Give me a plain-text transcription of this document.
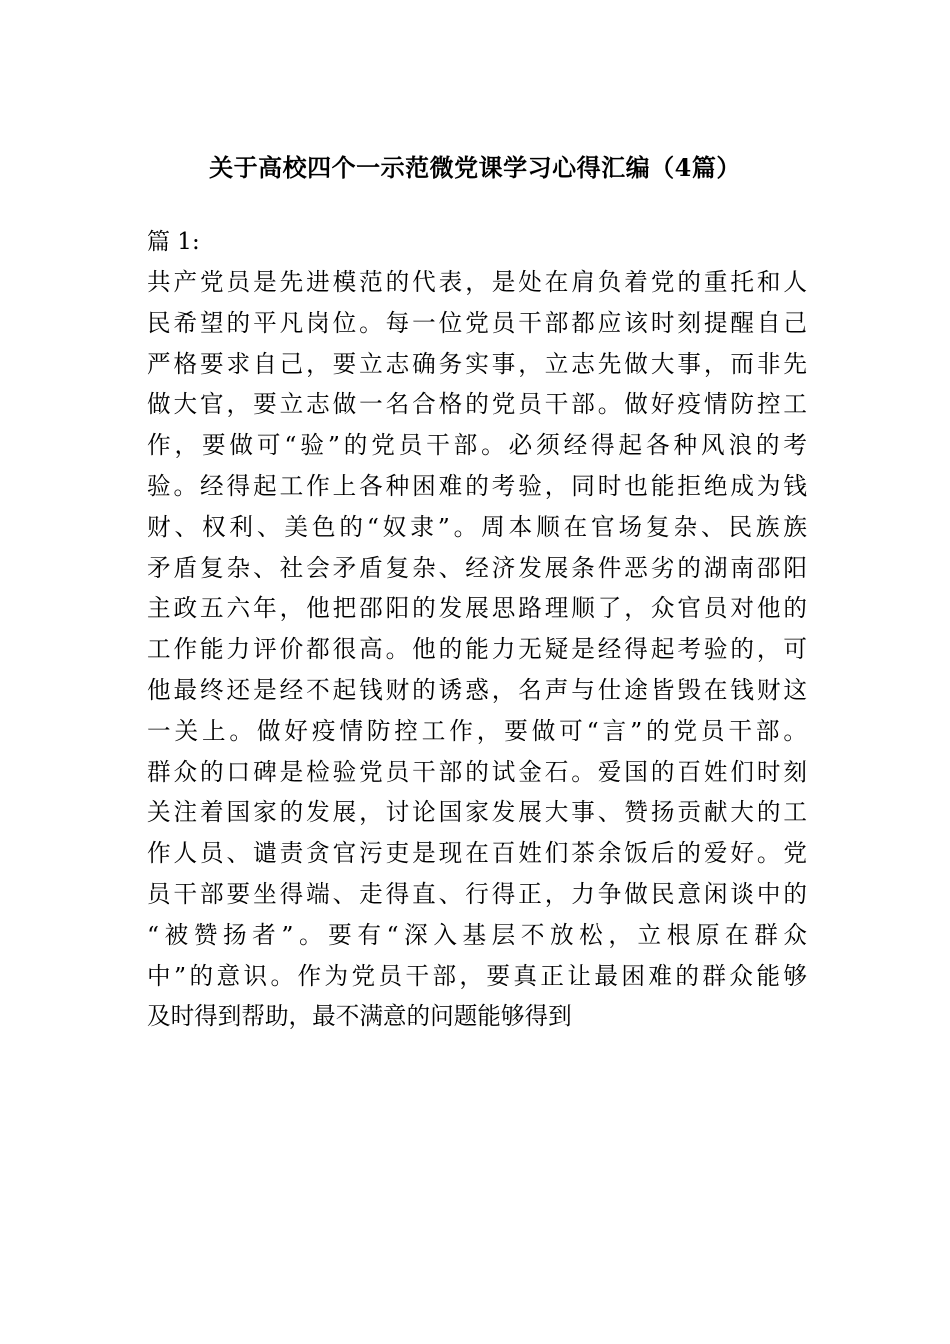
关于高校四个一示范微党课学习心得汇编（4篇）

篇 1:

共产党员是先进模范的代表，是处在肩负着党的重托和人
民希望的平凡岗位。每一位党员干部都应该时刻提醒自己
严格要求自己，要立志确务实事，立志先做大事，而非先
做大官，要立志做一名合格的党员干部。做好疫情防控工
作，要做可“验”的党员干部。必须经得起各种风浪的考
验。经得起工作上各种困难的考验，同时也能拒绝成为钱
财、权利、美色的“奴隶”。周本顺在官场复杂、民族族
矛盾复杂、社会矛盾复杂、经济发展条件恶劣的湖南邵阳
主政五六年，他把邵阳的发展思路理顺了，众官员对他的
工作能力评价都很高。他的能力无疑是经得起考验的，可
他最终还是经不起钱财的诱惑，名声与仕途皆毁在钱财这
一关上。做好疫情防控工作，要做可“言”的党员干部。
群众的口碑是检验党员干部的试金石。爱国的百姓们时刻
关注着国家的发展，讨论国家发展大事、赞扬贡献大的工
作人员、谴责贪官污吏是现在百姓们茶余饭后的爱好。党
员干部要坐得端、走得直、行得正，力争做民意闲谈中的
“被赞扬者”。要有“深入基层不放松，立根原在群众
中”的意识。作为党员干部，要真正让最困难的群众能够
及时得到帮助，最不满意的问题能够得到
